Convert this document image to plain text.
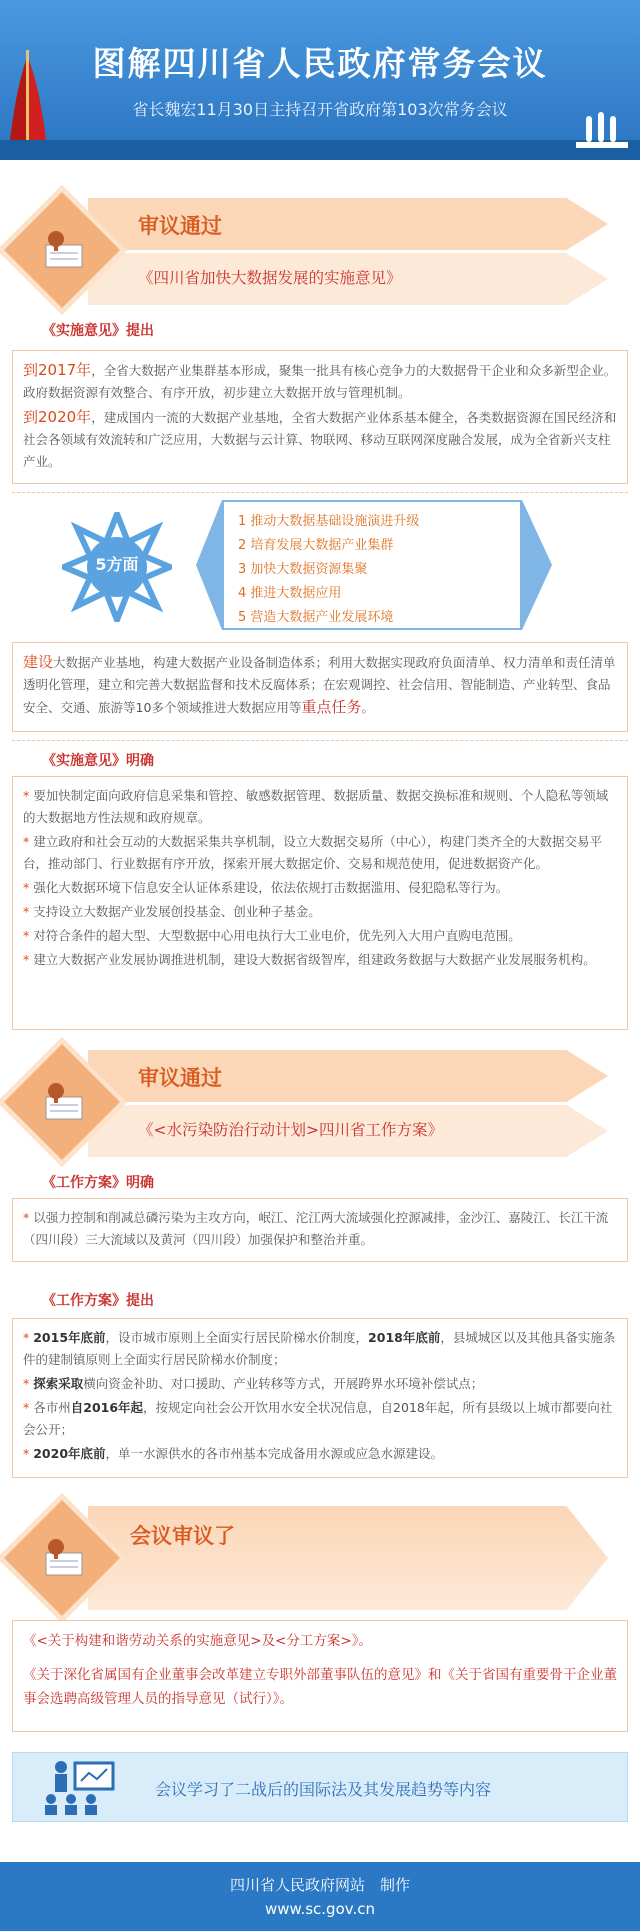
图解四川省人民政府常务会议
省长魏宏11月30日主持召开省政府第103次常务会议
审议通过
《四川省加快大数据发展的实施意见》
《实施意见》提出

到2017年，全省大数据产业集群基本形成，聚集一批具有核心竞争力的大数据骨干企业和众多新型企业。政府数据资源有效整合、有序开放，初步建立大数据开放与管理机制。

到2020年，建成国内一流的大数据产业基地，全省大数据产业体系基本健全，各类数据资源在国民经济和社会各领域有效流转和广泛应用，大数据与云计算、物联网、移动互联网深度融合发展，成为全省新兴支柱产业。

5方面
1 推动大数据基础设施演进升级
2 培育发展大数据产业集群
3 加快大数据资源集聚
4 推进大数据应用
5 营造大数据产业发展环境
建设大数据产业基地，构建大数据产业设备制造体系；利用大数据实现政府负面清单、权力清单和责任清单透明化管理，建立和完善大数据监督和技术反腐体系；在宏观调控、社会信用、智能制造、产业转型、食品安全、交通、旅游等10多个领域推进大数据应用等重点任务。
《实施意见》明确

* 要加快制定面向政府信息采集和管控、敏感数据管理、数据质量、数据交换标准和规则、个人隐私等领域的大数据地方性法规和政府规章。

* 建立政府和社会互动的大数据采集共享机制，设立大数据交易所（中心），构建门类齐全的大数据交易平台，推动部门、行业数据有序开放，探索开展大数据定价、交易和规范使用，促进数据资产化。

* 强化大数据环境下信息安全认证体系建设，依法依规打击数据滥用、侵犯隐私等行为。

* 支持设立大数据产业发展创投基金、创业种子基金。

* 对符合条件的超大型、大型数据中心用电执行大工业电价，优先列入大用户直购电范围。

* 建立大数据产业发展协调推进机制，建设大数据省级智库，组建政务数据与大数据产业发展服务机构。

审议通过
《<水污染防治行动计划>四川省工作方案》
《工作方案》明确

* 以强力控制和削减总磷污染为主攻方向，岷江、沱江两大流域强化控源减排，金沙江、嘉陵江、长江干流（四川段）三大流域以及黄河（四川段）加强保护和整治并重。

《工作方案》提出

* 2015年底前，设市城市原则上全面实行居民阶梯水价制度，2018年底前，县城城区以及其他具备实施条件的建制镇原则上全面实行居民阶梯水价制度；

* 探索采取横向资金补助、对口援助、产业转移等方式，开展跨界水环境补偿试点；

* 各市州自2016年起，按规定向社会公开饮用水安全状况信息，自2018年起，所有县级以上城市都要向社会公开；

* 2020年底前，单一水源供水的各市州基本完成备用水源或应急水源建设。

会议审议了

《<关于构建和谐劳动关系的实施意见>及<分工方案>》。

《关于深化省属国有企业董事会改革建立专职外部董事队伍的意见》和《关于省国有重要骨干企业董事会选聘高级管理人员的指导意见（试行）》。

会议学习了二战后的国际法及其发展趋势等内容
四川省人民政府网站　制作
www.sc.gov.cn
